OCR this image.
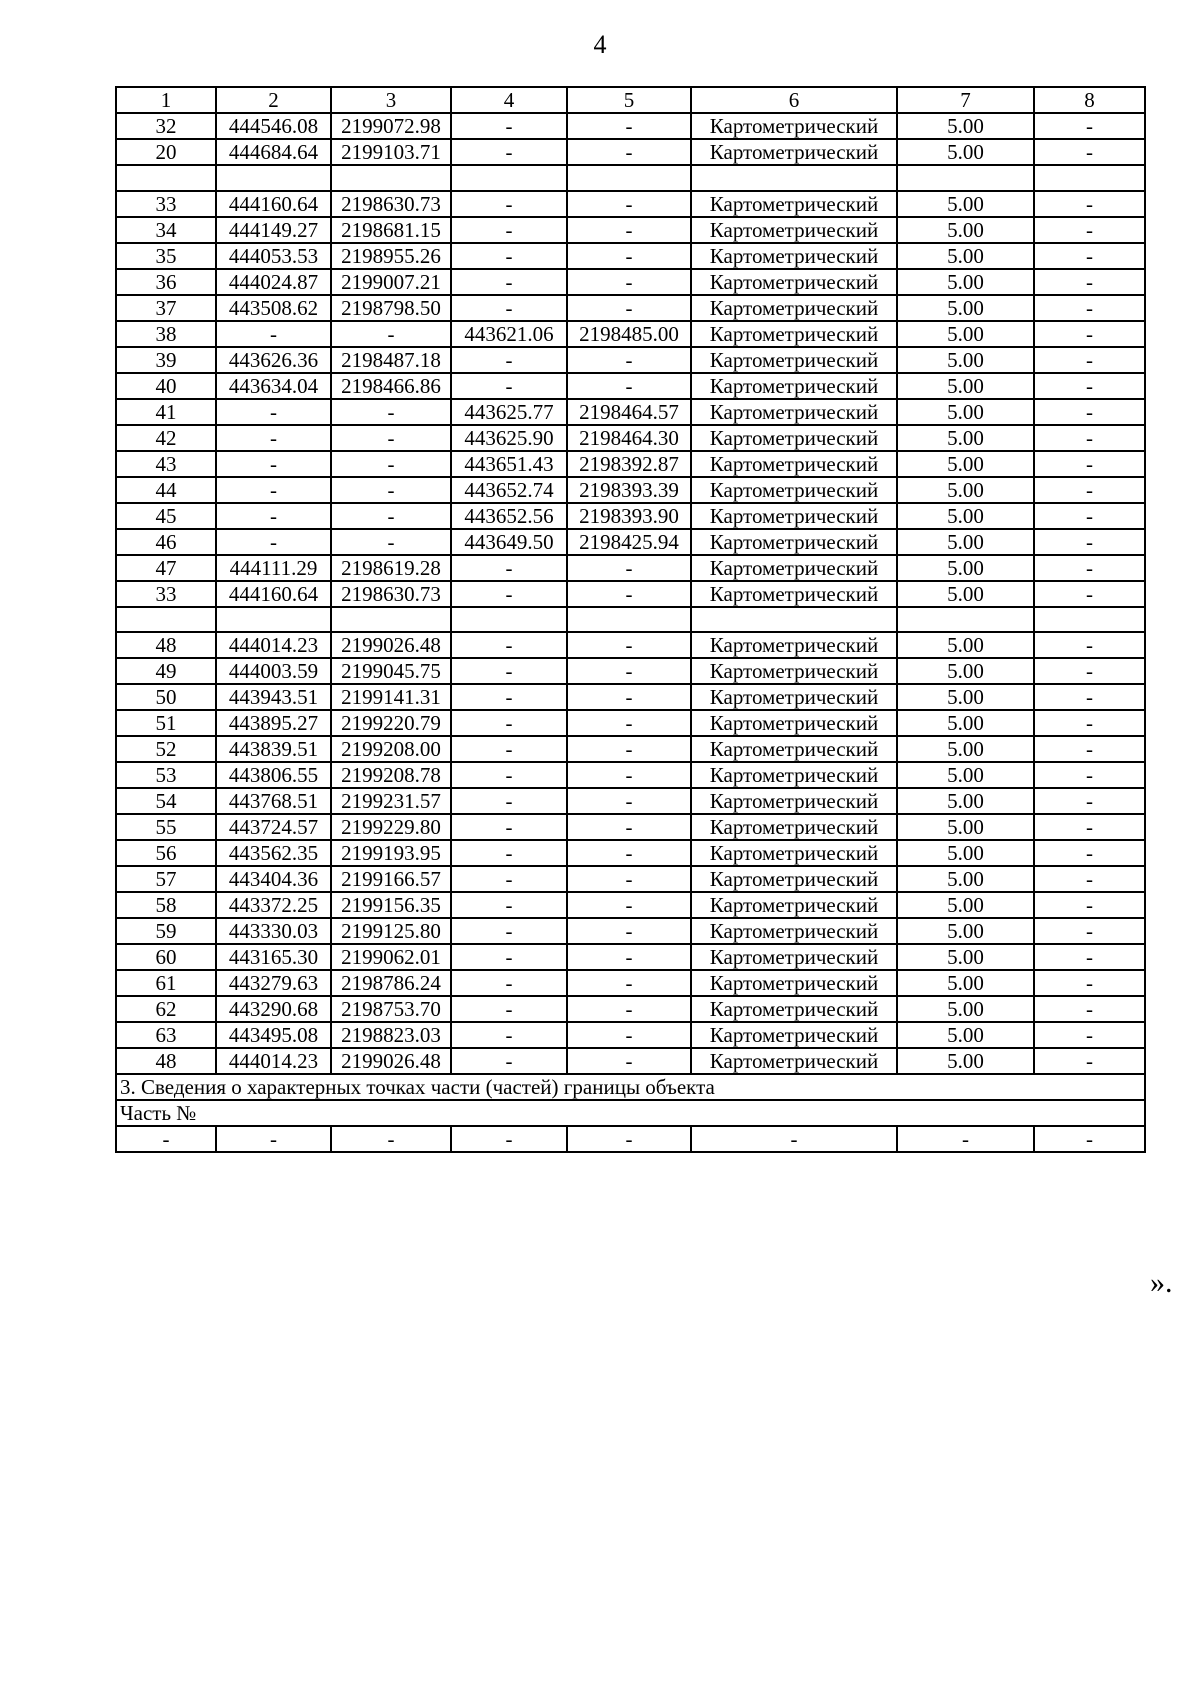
4
1	2	3	4	5	6	7	8
32	444546.08	2199072.98	-	-	Картометрический	5.00	-
20	444684.64	2199103.71	-	-	Картометрический	5.00	-

33	444160.64	2198630.73	-	-	Картометрический	5.00	-
34	444149.27	2198681.15	-	-	Картометрический	5.00	-
35	444053.53	2198955.26	-	-	Картометрический	5.00	-
36	444024.87	2199007.21	-	-	Картометрический	5.00	-
37	443508.62	2198798.50	-	-	Картометрический	5.00	-
38	-	-	443621.06	2198485.00	Картометрический	5.00	-
39	443626.36	2198487.18	-	-	Картометрический	5.00	-
40	443634.04	2198466.86	-	-	Картометрический	5.00	-
41	-	-	443625.77	2198464.57	Картометрический	5.00	-
42	-	-	443625.90	2198464.30	Картометрический	5.00	-
43	-	-	443651.43	2198392.87	Картометрический	5.00	-
44	-	-	443652.74	2198393.39	Картометрический	5.00	-
45	-	-	443652.56	2198393.90	Картометрический	5.00	-
46	-	-	443649.50	2198425.94	Картометрический	5.00	-
47	444111.29	2198619.28	-	-	Картометрический	5.00	-
33	444160.64	2198630.73	-	-	Картометрический	5.00	-

48	444014.23	2199026.48	-	-	Картометрический	5.00	-
49	444003.59	2199045.75	-	-	Картометрический	5.00	-
50	443943.51	2199141.31	-	-	Картометрический	5.00	-
51	443895.27	2199220.79	-	-	Картометрический	5.00	-
52	443839.51	2199208.00	-	-	Картометрический	5.00	-
53	443806.55	2199208.78	-	-	Картометрический	5.00	-
54	443768.51	2199231.57	-	-	Картометрический	5.00	-
55	443724.57	2199229.80	-	-	Картометрический	5.00	-
56	443562.35	2199193.95	-	-	Картометрический	5.00	-
57	443404.36	2199166.57	-	-	Картометрический	5.00	-
58	443372.25	2199156.35	-	-	Картометрический	5.00	-
59	443330.03	2199125.80	-	-	Картометрический	5.00	-
60	443165.30	2199062.01	-	-	Картометрический	5.00	-
61	443279.63	2198786.24	-	-	Картометрический	5.00	-
62	443290.68	2198753.70	-	-	Картометрический	5.00	-
63	443495.08	2198823.03	-	-	Картометрический	5.00	-
48	444014.23	2199026.48	-	-	Картометрический	5.00	-
3. Сведения о характерных точках части (частей) границы объекта							
Часть №							
-	-	-	-	-	-	-	-
».
